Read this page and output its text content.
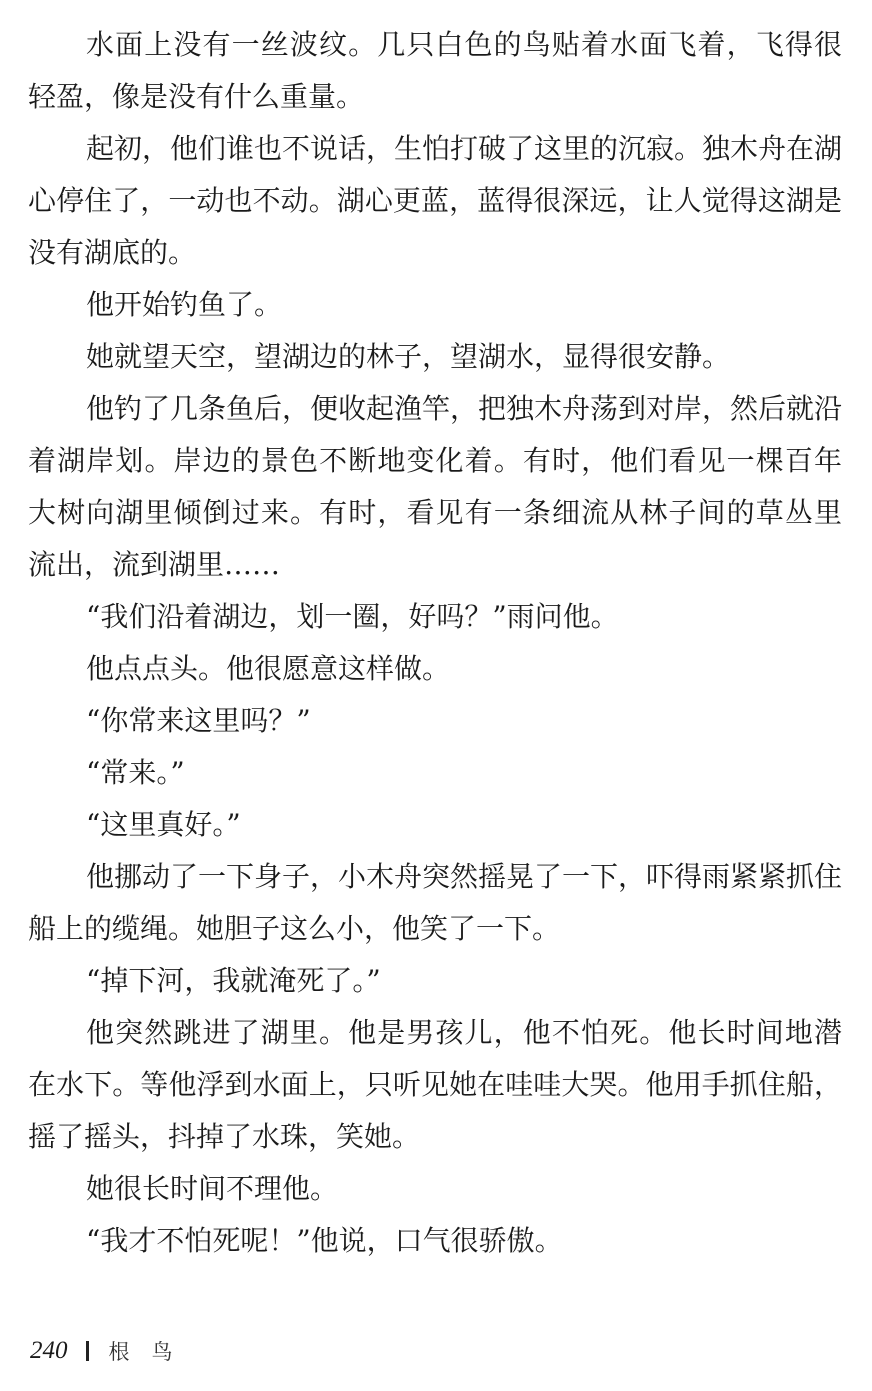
水面上没有一丝波纹。几只白色的鸟贴着水面飞着，飞得很
轻盈，像是没有什么重量。
起初，他们谁也不说话，生怕打破了这里的沉寂。独木舟在湖
心停住了，一动也不动。湖心更蓝，蓝得很深远，让人觉得这湖是
没有湖底的。
他开始钓鱼了。
她就望天空，望湖边的林子，望湖水，显得很安静。
他钓了几条鱼后，便收起渔竿，把独木舟荡到对岸，然后就沿
着湖岸划。岸边的景色不断地变化着。有时，他们看见一棵百年
大树向湖里倾倒过来。有时，看见有一条细流从林子间的草丛里
流出，流到湖里……
“我们沿着湖边，划一圈，好吗？”雨问他。
他点点头。他很愿意这样做。
“你常来这里吗？”
“常来。”
“这里真好。”
他挪动了一下身子，小木舟突然摇晃了一下，吓得雨紧紧抓住
船上的缆绳。她胆子这么小，他笑了一下。
“掉下河，我就淹死了。”
他突然跳进了湖里。他是男孩儿，他不怕死。他长时间地潜
在水下。等他浮到水面上，只听见她在哇哇大哭。他用手抓住船，
摇了摇头，抖掉了水珠，笑她。
她很长时间不理他。
“我才不怕死呢！”他说，口气很骄傲。
240 根鸟
